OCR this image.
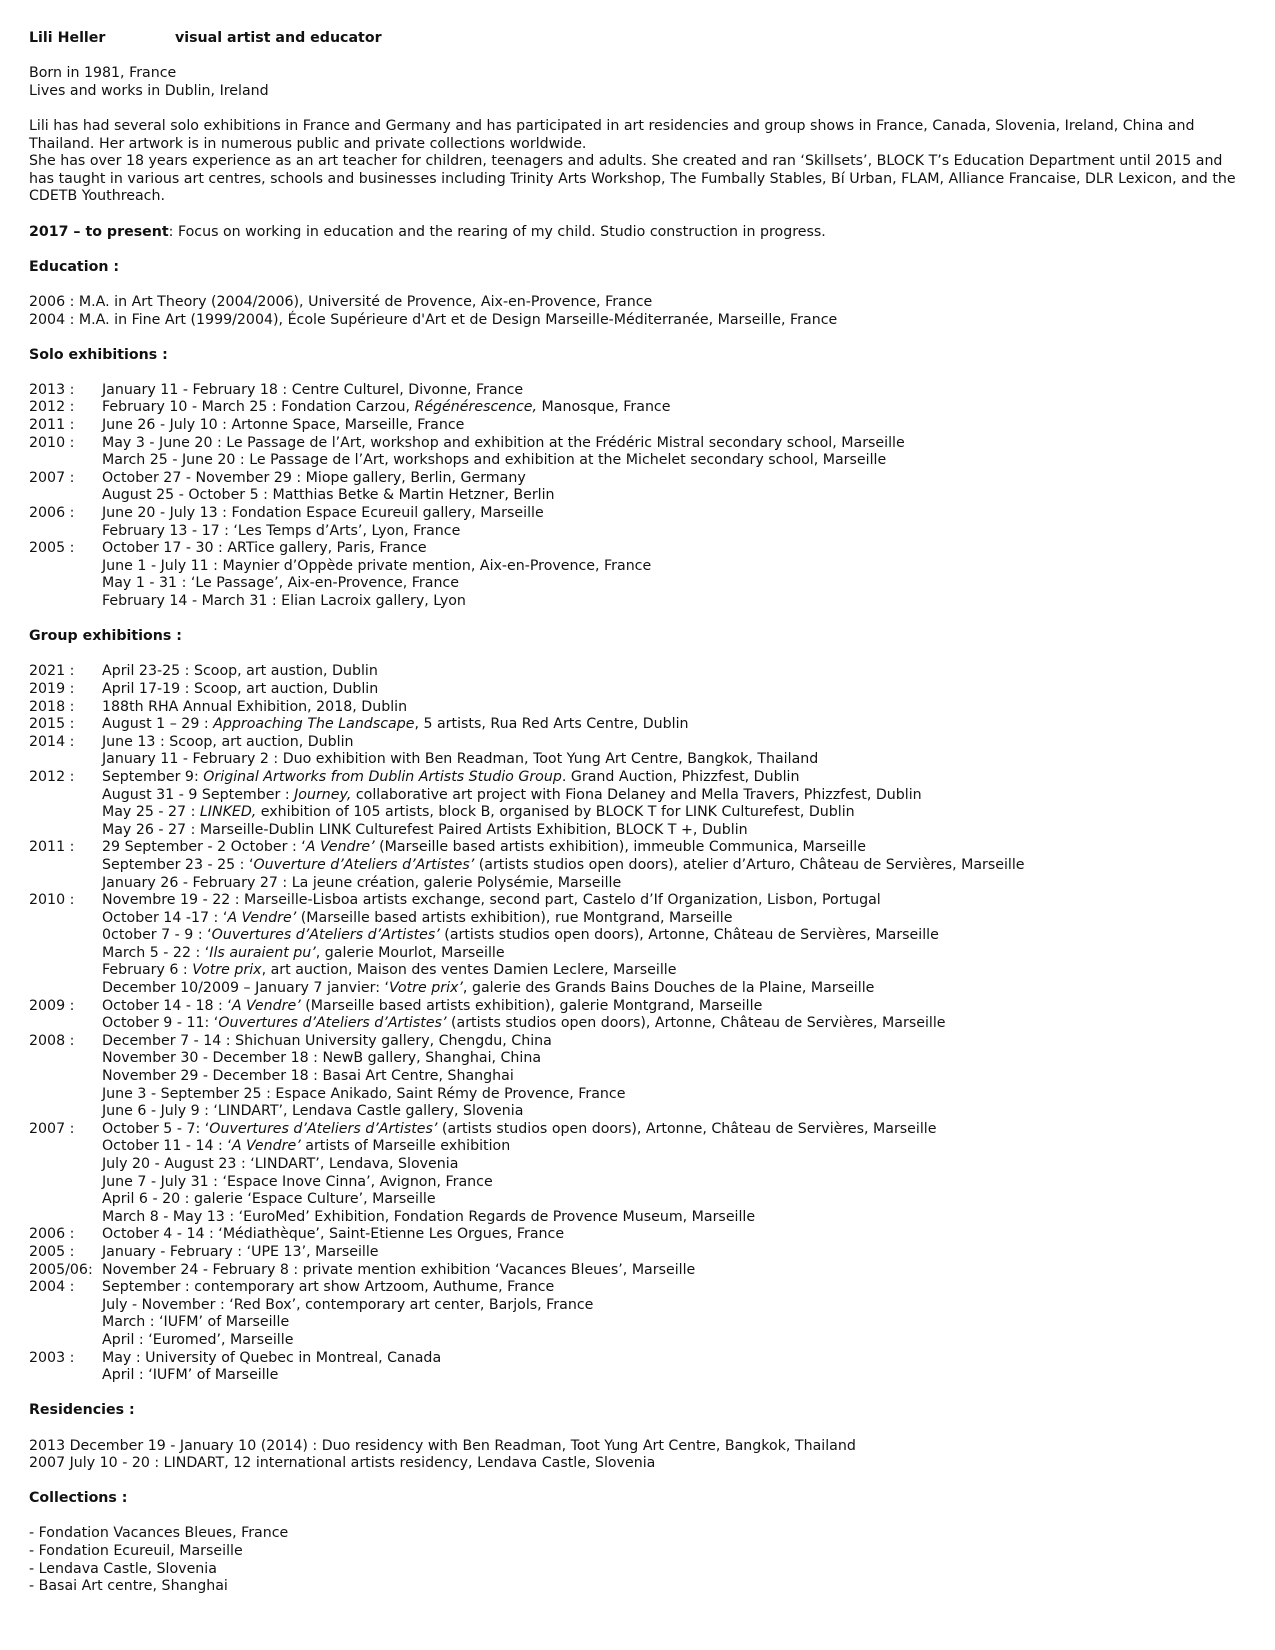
Lili Heller	visual artist and educator
Born in 1981, France
Lives and works in Dublin, Ireland
Lili has had several solo exhibitions in France and Germany and has participated in art residencies and group shows in France, Canada, Slovenia, Ireland, China and Thailand. Her artwork is in numerous public and private collections worldwide.
She has over 18 years experience as an art teacher for children, teenagers and adults. She created and ran ‘Skillsets’, BLOCK T’s Education Department until 2015 and has taught in various art centres, schools and businesses including Trinity Arts Workshop, The Fumbally Stables, Bí Urban, FLAM, Alliance Francaise, DLR Lexicon, and the CDETB Youthreach.
2017 – to present: Focus on working in education and the rearing of my child. Studio construction in progress.
Education :
2006 : M.A. in Art Theory (2004/2006), Université de Provence, Aix-en-Provence, France
2004 : M.A. in Fine Art (1999/2004), École Supérieure d'Art et de Design Marseille-Méditerranée, Marseille, France
Solo exhibitions :
2013 :	January 11 - February 18 : Centre Culturel, Divonne, France
2012 :	February 10 - March 25 : Fondation Carzou, Régénérescence, Manosque, France
2011 :	June 26 - July 10 : Artonne Space, Marseille, France
2010 :	May 3 - June 20 : Le Passage de l’Art, workshop and exhibition at the Frédéric Mistral secondary school, Marseille
March 25 - June 20 : Le Passage de l’Art, workshops and exhibition at the Michelet secondary school, Marseille
2007 :	October 27 - November 29 : Miope gallery, Berlin, Germany
August 25 - October 5 : Matthias Betke & Martin Hetzner, Berlin
2006 :	June 20 - July 13 : Fondation Espace Ecureuil gallery, Marseille
February 13 - 17 : ‘Les Temps d’Arts’, Lyon, France
2005 :	October 17 - 30 : ARTice gallery, Paris, France
June 1 - July 11 : Maynier d’Oppède private mention, Aix-en-Provence, France
May 1 - 31 : ‘Le Passage’, Aix-en-Provence, France
February 14 - March 31 : Elian Lacroix gallery, Lyon
Group exhibitions :
2021 :	April 23-25 : Scoop, art austion, Dublin
2019 :	April 17-19 : Scoop, art auction, Dublin
2018 :	188th RHA Annual Exhibition, 2018, Dublin
2015 :	August 1 – 29 : Approaching The Landscape, 5 artists, Rua Red Arts Centre, Dublin
2014 :	June 13 : Scoop, art auction, Dublin
January 11 - February 2 : Duo exhibition with Ben Readman, Toot Yung Art Centre, Bangkok, Thailand
2012 :	September 9: Original Artworks from Dublin Artists Studio Group. Grand Auction, Phizzfest, Dublin
August 31 - 9 September : Journey, collaborative art project with Fiona Delaney and Mella Travers, Phizzfest, Dublin
May 25 - 27 : LINKED, exhibition of 105 artists, block B, organised by BLOCK T for LINK Culturefest, Dublin
May 26 - 27 : Marseille-Dublin LINK Culturefest Paired Artists Exhibition, BLOCK T +, Dublin
2011 :	29 September - 2 October : ‘A Vendre’ (Marseille based artists exhibition), immeuble Communica, Marseille
September 23 - 25 : ‘Ouverture d’Ateliers d’Artistes’ (artists studios open doors), atelier d’Arturo, Château de Servières, Marseille
January 26 - February 27 : La jeune création, galerie Polysémie, Marseille
2010 :	Novembre 19 - 22 : Marseille-Lisboa artists exchange, second part, Castelo d’If Organization, Lisbon, Portugal
October 14 -17 : ‘A Vendre’ (Marseille based artists exhibition), rue Montgrand, Marseille
0ctober 7 - 9 : ‘Ouvertures d’Ateliers d’Artistes’ (artists studios open doors), Artonne, Château de Servières, Marseille
March 5 - 22 : ‘Ils auraient pu’, galerie Mourlot, Marseille
February 6 : Votre prix, art auction, Maison des ventes Damien Leclere, Marseille
December 10/2009 – January 7 janvier: ‘Votre prix’, galerie des Grands Bains Douches de la Plaine, Marseille
2009 :	October 14 - 18 : ‘A Vendre’ (Marseille based artists exhibition), galerie Montgrand, Marseille
October 9 - 11: ‘Ouvertures d’Ateliers d’Artistes’ (artists studios open doors), Artonne, Château de Servières, Marseille
2008 :	December 7 - 14 : Shichuan University gallery, Chengdu, China
November 30 - December 18 : NewB gallery, Shanghai, China
November 29 - December 18 : Basai Art Centre, Shanghai
June 3 - September 25 : Espace Anikado, Saint Rémy de Provence, France
June 6 - July 9 : ‘LINDART’, Lendava Castle gallery, Slovenia
2007 :	October 5 - 7: ‘Ouvertures d’Ateliers d’Artistes’ (artists studios open doors), Artonne, Château de Servières, Marseille
October 11 - 14 : ‘A Vendre’ artists of Marseille exhibition
July 20 - August 23 : ‘LINDART’, Lendava, Slovenia
June 7 - July 31 : ‘Espace Inove Cinna’, Avignon, France
April 6 - 20 : galerie ‘Espace Culture’, Marseille
March 8 - May 13 : ‘EuroMed’ Exhibition, Fondation Regards de Provence Museum, Marseille
2006 :	October 4 - 14 : ‘Médiathèque’, Saint-Etienne Les Orgues, France
2005 :	January - February : ‘UPE 13’, Marseille
2005/06: November 24 - February 8 : private mention exhibition ‘Vacances Bleues’, Marseille
2004 :	September : contemporary art show Artzoom, Authume, France
July - November : ‘Red Box’, contemporary art center, Barjols, France
March : ‘IUFM’ of Marseille
April : ‘Euromed’, Marseille
2003 :	May : University of Quebec in Montreal, Canada
April : ‘IUFM’ of Marseille
Residencies :
2013 December 19 - January 10 (2014) : Duo residency with Ben Readman, Toot Yung Art Centre, Bangkok, Thailand
2007 July 10 - 20 : LINDART, 12 international artists residency, Lendava Castle, Slovenia
Collections :
- Fondation Vacances Bleues, France
- Fondation Ecureuil, Marseille
- Lendava Castle, Slovenia
- Basai Art centre, Shanghai
